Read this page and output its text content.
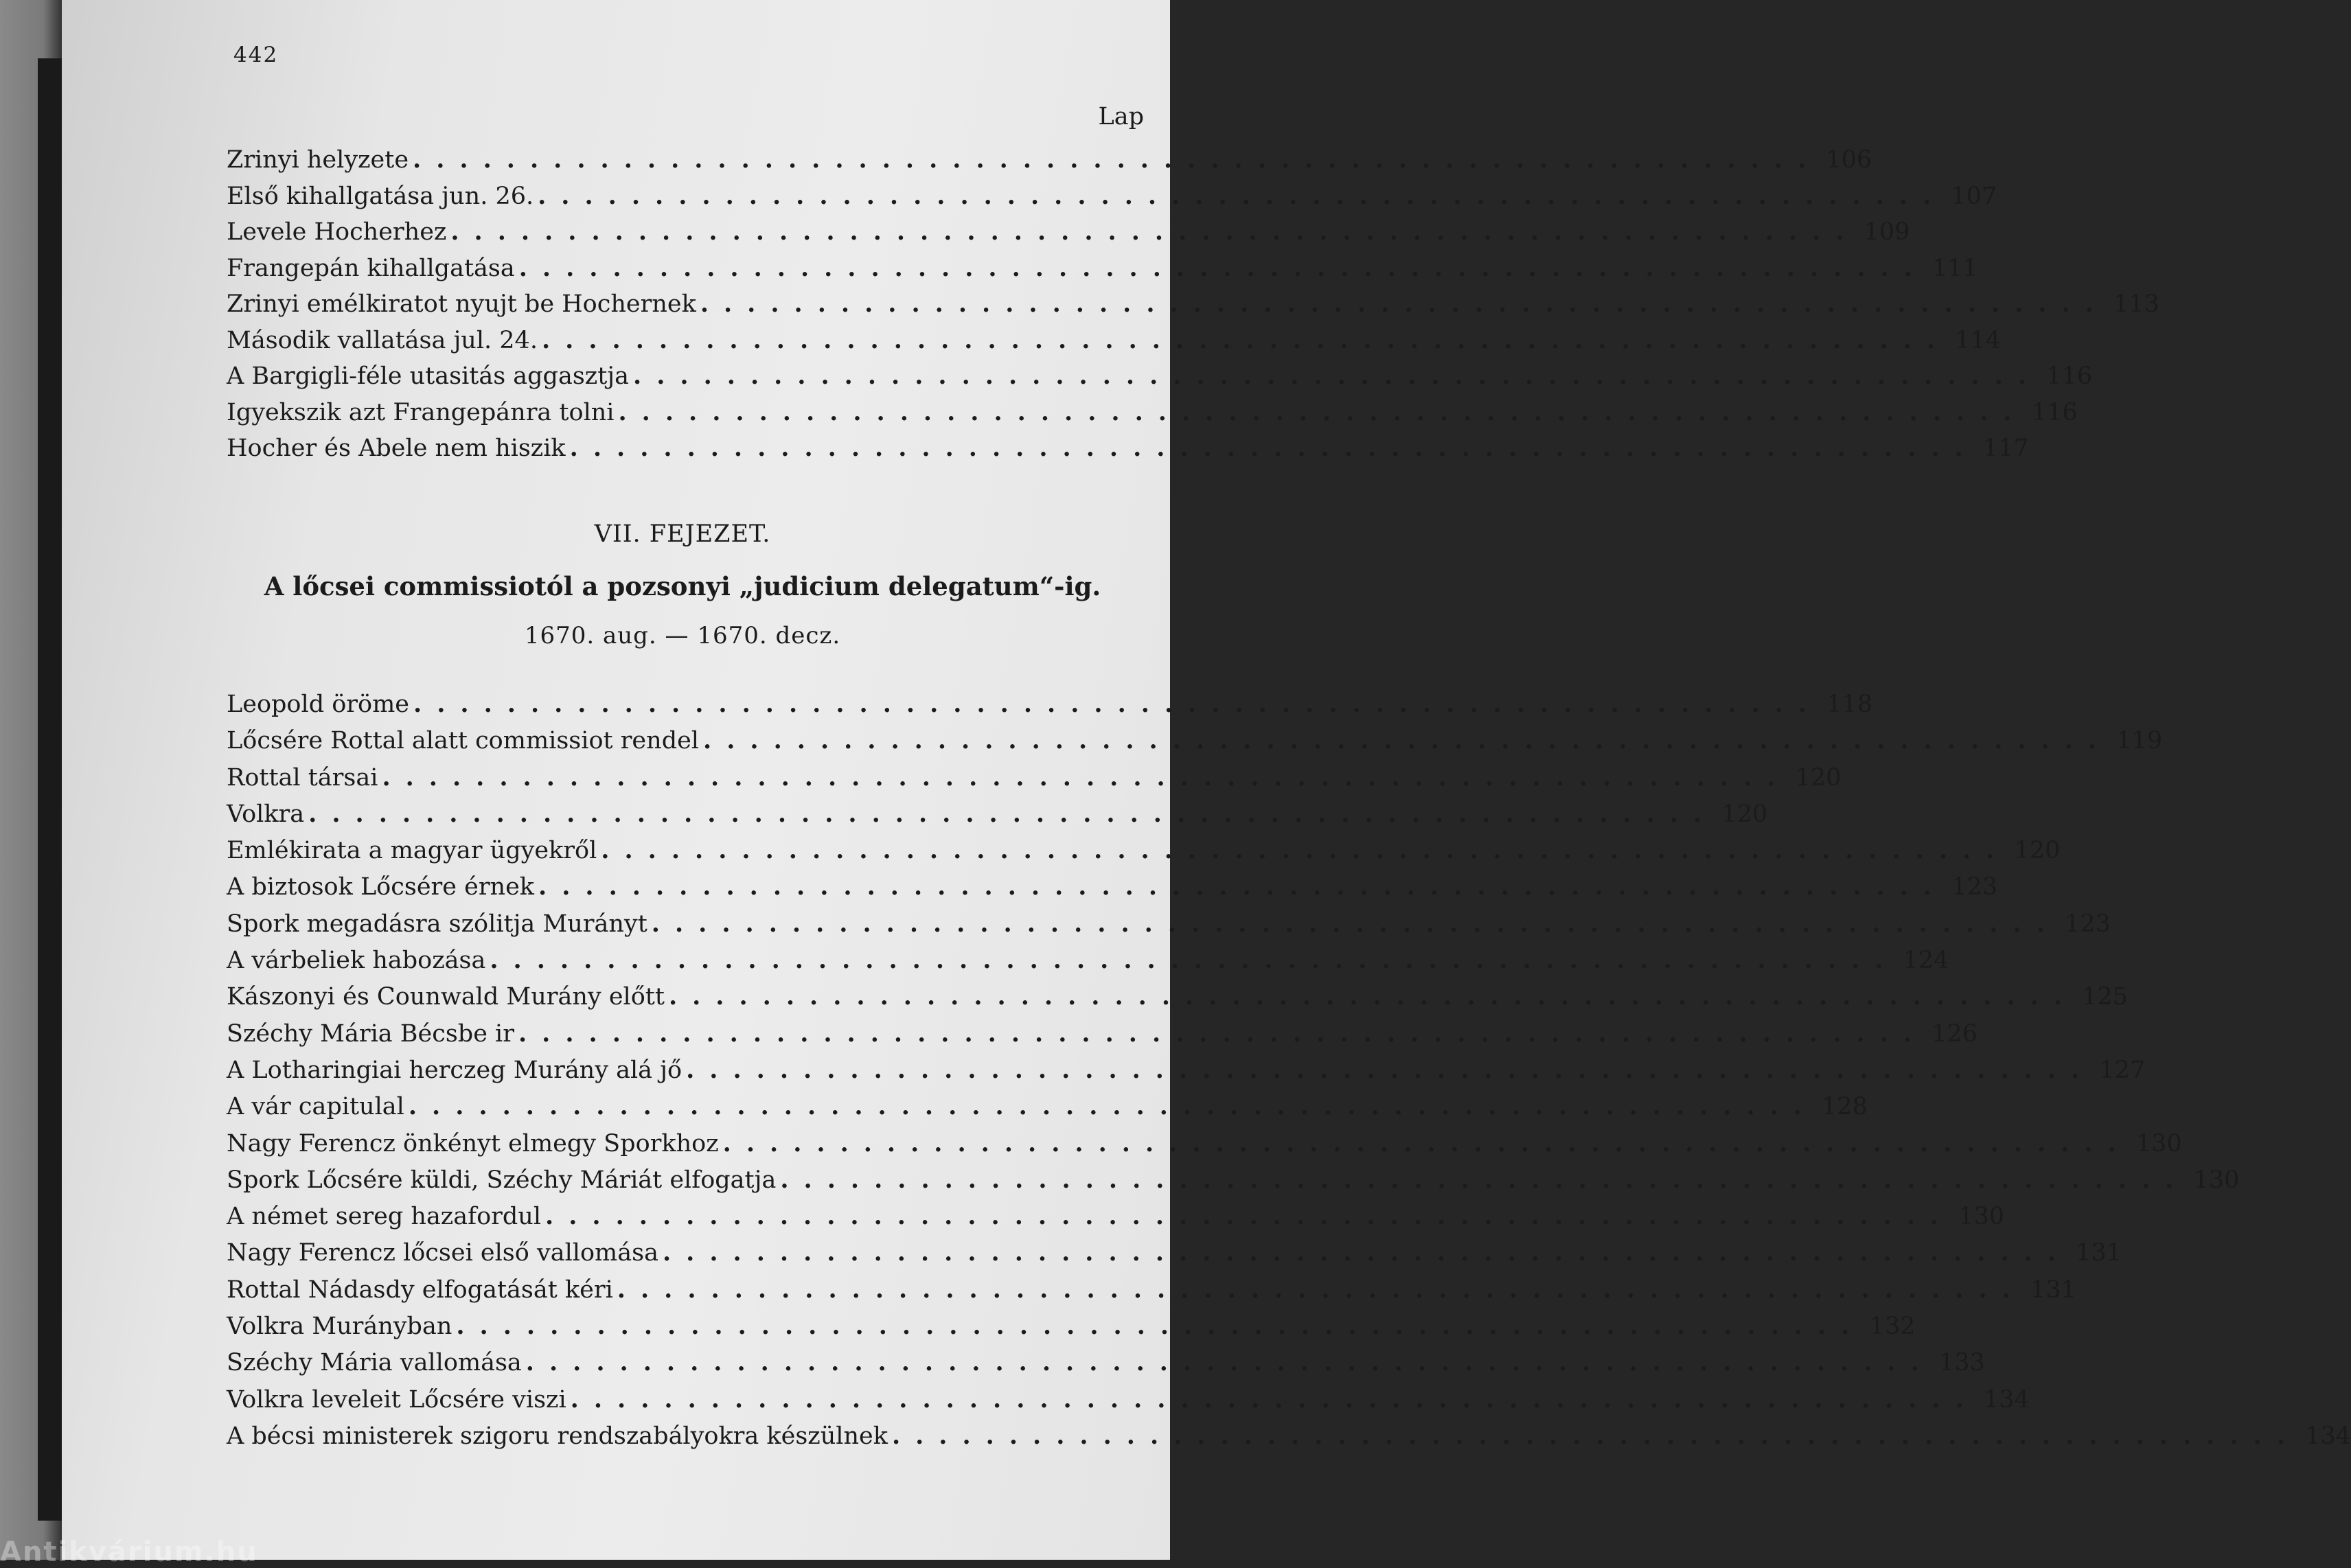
442
Lap
Zrinyi helyzete ............................................................ 106
Első kihallgatása jun. 26. ............................................................ 107
Levele Hocherhez ............................................................ 109
Frangepán kihallgatása ............................................................ 111
Zrinyi emélkiratot nyujt be Hochernek ............................................................ 113
Második vallatása jul. 24. ............................................................ 114
A Bargigli-féle utasitás aggasztja ............................................................ 116
Igyekszik azt Frangepánra tolni ............................................................ 116
Hocher és Abele nem hiszik ............................................................ 117
VII. FEJEZET.
A lőcsei commissiotól a pozsonyi „judicium delegatum“-ig.
1670. aug. — 1670. decz.
Leopold öröme ............................................................ 118
Lőcsére Rottal alatt commissiot rendel ............................................................ 119
Rottal társai ............................................................ 120
Volkra ............................................................ 120
Emlékirata a magyar ügyekről ............................................................ 120
A biztosok Lőcsére érnek ............................................................ 123
Spork megadásra szólitja Murányt ............................................................ 123
A várbeliek habozása ............................................................ 124
Kászonyi és Counwald Murány előtt ............................................................ 125
Széchy Mária Bécsbe ir ............................................................ 126
A Lotharingiai herczeg Murány alá jő ............................................................ 127
A vár capitulal ............................................................ 128
Nagy Ferencz önkényt elmegy Sporkhoz ............................................................ 130
Spork Lőcsére küldi, Széchy Máriát elfogatja ............................................................ 130
A német sereg hazafordul ............................................................ 130
Nagy Ferencz lőcsei első vallomása ............................................................ 131
Rottal Nádasdy elfogatását kéri ............................................................ 131
Volkra Murányban ............................................................ 132
Széchy Mária vallomása ............................................................ 133
Volkra leveleit Lőcsére viszi ............................................................ 134
A bécsi ministerek szigoru rendszabályokra készülnek ............................................................ 134
Antikvárium.hu
